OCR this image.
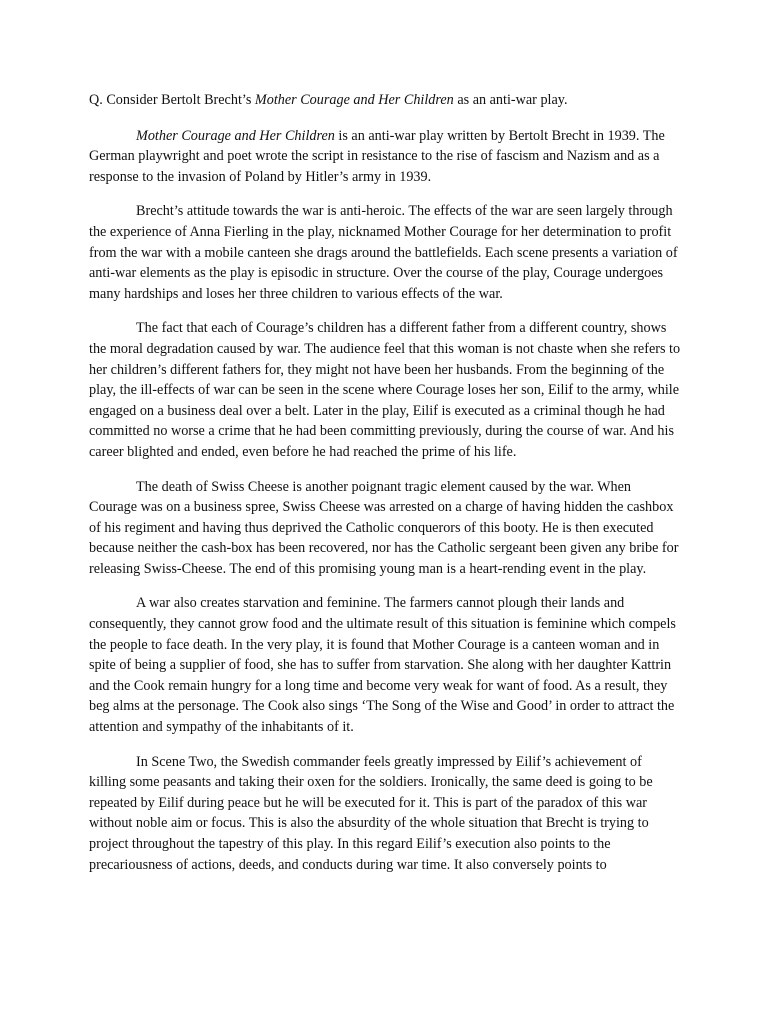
Q. Consider Bertolt Brecht’s Mother Courage and Her Children as an anti-war play.

Mother Courage and Her Children is an anti-war play written by Bertolt Brecht in 1939. The German playwright and poet wrote the script in resistance to the rise of fascism and Nazism and as a response to the invasion of Poland by Hitler’s army in 1939.

Brecht’s attitude towards the war is anti-heroic. The effects of the war are seen largely through the experience of Anna Fierling in the play, nicknamed Mother Courage for her determination to profit from the war with a mobile canteen she drags around the battlefields. Each scene presents a variation of anti-war elements as the play is episodic in structure. Over the course of the play, Courage undergoes many hardships and loses her three children to various effects of the war.

The fact that each of Courage’s children has a different father from a different country, shows the moral degradation caused by war. The audience feel that this woman is not chaste when she refers to her children’s different fathers for, they might not have been her husbands. From the beginning of the play, the ill-effects of war can be seen in the scene where Courage loses her son, Eilif to the army, while engaged on a business deal over a belt. Later in the play, Eilif is executed as a criminal though he had committed no worse a crime that he had been committing previously, during the course of war. And his career blighted and ended, even before he had reached the prime of his life.

The death of Swiss Cheese is another poignant tragic element caused by the war. When Courage was on a business spree, Swiss Cheese was arrested on a charge of having hidden the cashbox of his regiment and having thus deprived the Catholic conquerors of this booty. He is then executed because neither the cash-box has been recovered, nor has the Catholic sergeant been given any bribe for releasing Swiss-Cheese. The end of this promising young man is a heart-rending event in the play.

A war also creates starvation and feminine. The farmers cannot plough their lands and consequently, they cannot grow food and the ultimate result of this situation is feminine which compels the people to face death. In the very play, it is found that Mother Courage is a canteen woman and in spite of being a supplier of food, she has to suffer from starvation. She along with her daughter Kattrin and the Cook remain hungry for a long time and become very weak for want of food. As a result, they beg alms at the personage. The Cook also sings ‘The Song of the Wise and Good’ in order to attract the attention and sympathy of the inhabitants of it.

In Scene Two, the Swedish commander feels greatly impressed by Eilif’s achievement of killing some peasants and taking their oxen for the soldiers. Ironically, the same deed is going to be repeated by Eilif during peace but he will be executed for it. This is part of the paradox of this war without noble aim or focus. This is also the absurdity of the whole situation that Brecht is trying to project throughout the tapestry of this play. In this regard Eilif’s execution also points to the precariousness of actions, deeds, and conducts during war time. It also conversely points to
